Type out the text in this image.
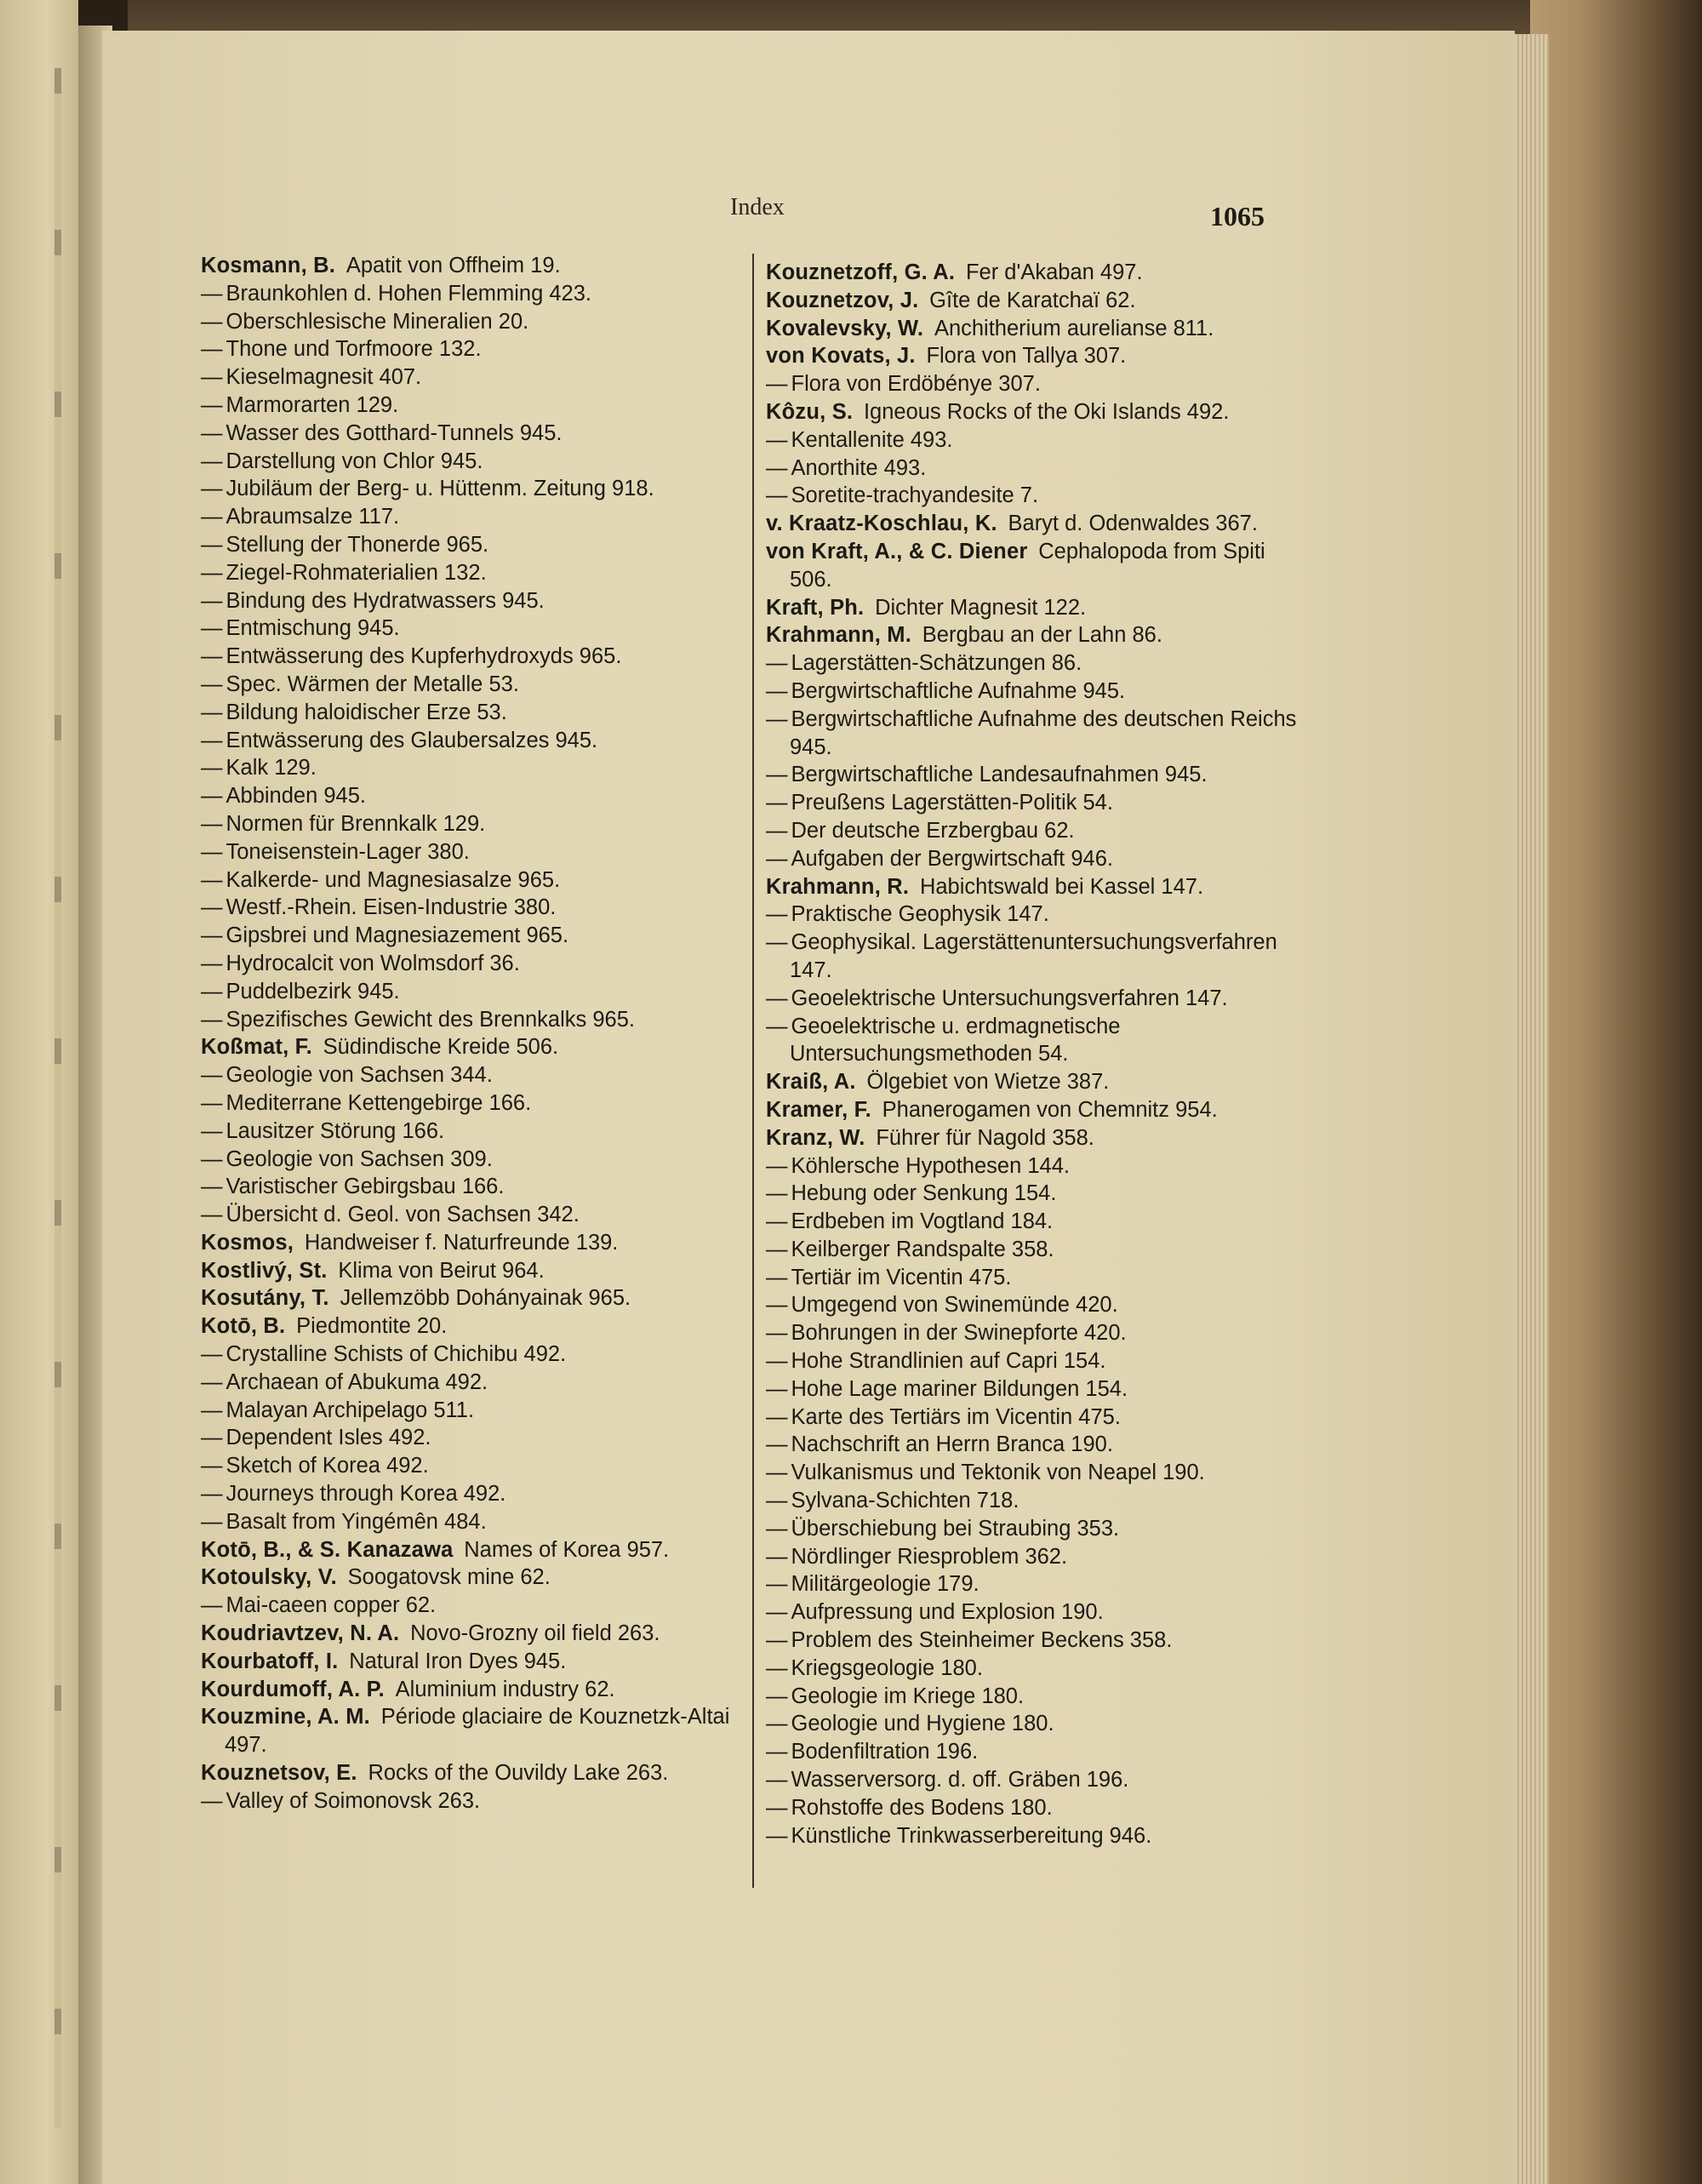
Index	1065
Kosmann, B.  Apatit von Offheim 19.
— Braunkohlen d. Hohen Flemming 423.
— Oberschlesische Mineralien 20.
— Thone und Torfmoore 132.
— Kieselmagnesit 407.
— Marmorarten 129.
— Wasser des Gotthard-Tunnels 945.
— Darstellung von Chlor 945.
— Jubiläum der Berg- u. Hüttenm. Zeitung 918.
— Abraumsalze 117.
— Stellung der Thonerde 965.
— Ziegel-Rohmaterialien 132.
— Bindung des Hydratwassers 945.
— Entmischung 945.
— Entwässerung des Kupferhydroxyds 965.
— Spec. Wärmen der Metalle 53.
— Bildung haloidischer Erze 53.
— Entwässerung des Glaubersalzes 945.
— Kalk 129.
— Abbinden 945.
— Normen für Brennkalk 129.
— Toneisenstein-Lager 380.
— Kalkerde- und Magnesiasalze 965.
— Westf.-Rhein. Eisen-Industrie 380.
— Gipsbrei und Magnesiazement 965.
— Hydrocalcit von Wolmsdorf 36.
— Puddelbezirk 945.
— Spezifisches Gewicht des Brennkalks 965.
Koßmat, F.  Südindische Kreide 506.
— Geologie von Sachsen 344.
— Mediterrane Kettengebirge 166.
— Lausitzer Störung 166.
— Geologie von Sachsen 309.
— Varistischer Gebirgsbau 166.
— Übersicht d. Geol. von Sachsen 342.
Kosmos,  Handweiser f. Naturfreunde 139.
Kostlivý, St.  Klima von Beirut 964.
Kosutány, T.  Jellemzöbb Dohányainak 965.
Kotō, B.  Piedmontite 20.
— Crystalline Schists of Chichibu 492.
— Archaean of Abukuma 492.
— Malayan Archipelago 511.
— Dependent Isles 492.
— Sketch of Korea 492.
— Journeys through Korea 492.
— Basalt from Yingémên 484.
Kotō, B., & S. Kanazawa  Names of Korea 957.
Kotoulsky, V.  Soogatovsk mine 62.
— Mai-caeen copper 62.
Koudriavtzev, N. A.  Novo-Grozny oil field 263.
Kourbatoff, I.  Natural Iron Dyes 945.
Kourdumoff, A. P.  Aluminium industry 62.
Kouzmine, A. M.  Période glaciaire de Kouznetzk-Altai 497.
Kouznetsov, E.  Rocks of the Ouvildy Lake 263.
— Valley of Soimonovsk 263.
Kouznetzoff, G. A.  Fer d'Akaban 497.
Kouznetzov, J.  Gîte de Karatchaï 62.
Kovalevsky, W.  Anchitherium aurelianse 811.
von Kovats, J.  Flora von Tallya 307.
— Flora von Erdöbényе 307.
Kôzu, S.  Igneous Rocks of the Oki Islands 492.
— Kentallenite 493.
— Anorthite 493.
— Soretite-trachyandesite 7.
v. Kraatz-Koschlau, K.  Baryt d. Odenwaldes 367.
von Kraft, A., & C. Diener  Cephalopoda from Spiti 506.
Kraft, Ph.  Dichter Magnesit 122.
Krahmann, M.  Bergbau an der Lahn 86.
— Lagerstätten-Schätzungen 86.
— Bergwirtschaftliche Aufnahme 945.
— Bergwirtschaftliche Aufnahme des deutschen Reichs 945.
— Bergwirtschaftliche Landesaufnahmen 945.
— Preußens Lagerstätten-Politik 54.
— Der deutsche Erzbergbau 62.
— Aufgaben der Bergwirtschaft 946.
Krahmann, R.  Habichtswald bei Kassel 147.
— Praktische Geophysik 147.
— Geophysikal. Lagerstättenuntersuchungsverfahren 147.
— Geoelektrische Untersuchungsverfahren 147.
— Geoelektrische u. erdmagnetische Untersuchungsmethoden 54.
Kraiß, A.  Ölgebiet von Wietze 387.
Kramer, F.  Phanerogamen von Chemnitz 954.
Kranz, W.  Führer für Nagold 358.
— Köhlersche Hypothesen 144.
— Hebung oder Senkung 154.
— Erdbeben im Vogtland 184.
— Keilberger Randspalte 358.
— Tertiär im Vicentin 475.
— Umgegend von Swinemünde 420.
— Bohrungen in der Swinepforte 420.
— Hohe Strandlinien auf Capri 154.
— Hohe Lage mariner Bildungen 154.
— Karte des Tertiärs im Vicentin 475.
— Nachschrift an Herrn Branca 190.
— Vulkanismus und Tektonik von Neapel 190.
— Sylvana-Schichten 718.
— Überschiebung bei Straubing 353.
— Nördlinger Riesproblem 362.
— Militärgeologie 179.
— Aufpressung und Explosion 190.
— Problem des Steinheimer Beckens 358.
— Kriegsgeologie 180.
— Geologie im Kriege 180.
— Geologie und Hygiene 180.
— Bodenfiltration 196.
— Wasserversorg. d. off. Gräben 196.
— Rohstoffe des Bodens 180.
— Künstliche Trinkwasserbereitung 946.
